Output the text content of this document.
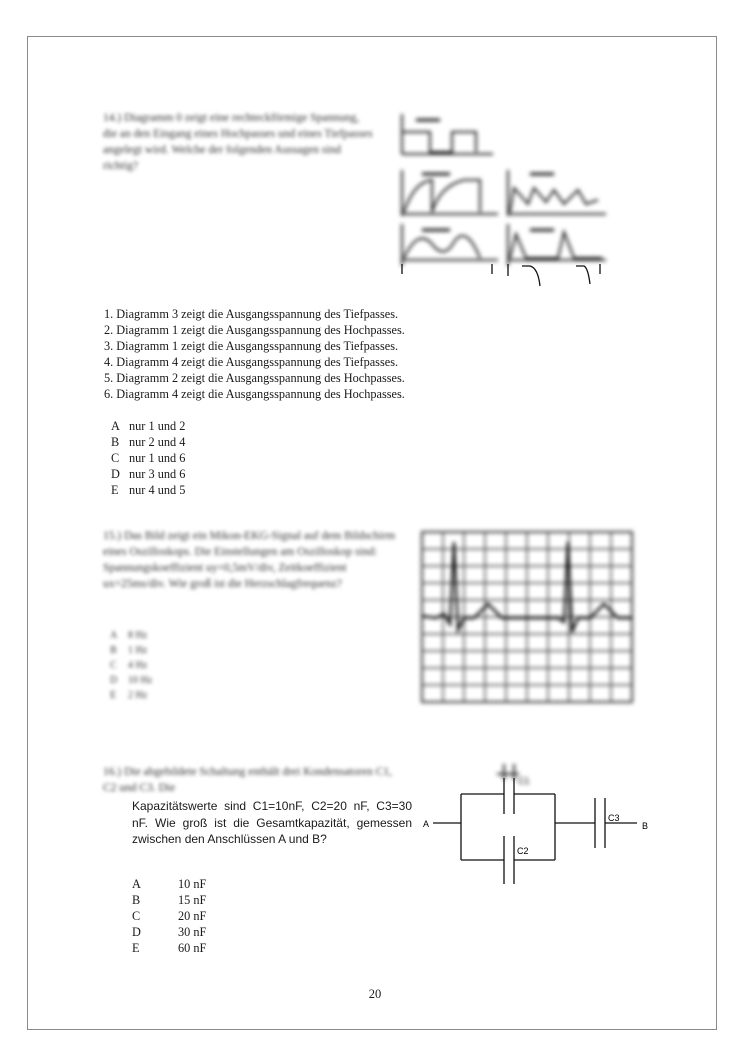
14.) Diagramm 0 zeigt eine rechteckförmige Spannung, die an den Eingang eines Hochpasses und eines Tiefpasses angelegt wird. Welche der folgenden Aussagen sind richtig?
1. Diagramm 3 zeigt die Ausgangsspannung des Tiefpasses.
2. Diagramm 1 zeigt die Ausgangsspannung des Hochpasses.
3. Diagramm 1 zeigt die Ausgangsspannung des Tiefpasses.
4. Diagramm 4 zeigt die Ausgangsspannung des Tiefpasses.
5. Diagramm 2 zeigt die Ausgangsspannung des Hochpasses.
6. Diagramm 4 zeigt die Ausgangsspannung des Hochpasses.
A nur 1 und 2
B nur 2 und 4
C nur 1 und 6
D nur 3 und 6
E nur 4 und 5
15.) Das Bild zeigt ein Mikon-EKG-Signal auf dem Bildschirm eines Oszilloskops. Die Einstellungen am Oszilloskop sind: Spannungskoeffizient uy=0,5mV/div, Zeitkoeffizient ux=25ms/div. Wie groß ist die Herzschlagfrequenz?
A 8 Hz
B 1 Hz
C 4 Hz
D 10 Hz
E 2 Hz
16.) Die abgebildete Schaltung enthält drei Kondensatoren C1, C2 und C3. Die
Kapazitätswerte sind C1=10nF, C2=20 nF, C3=30 nF. Wie groß ist die Gesamtkapazität, gemessen zwischen den Anschlüssen A und B?
A	10 nF
B	15 nF
C	20 nF
D	30 nF
E	60 nF
C1
A	B
C2
C3
20
